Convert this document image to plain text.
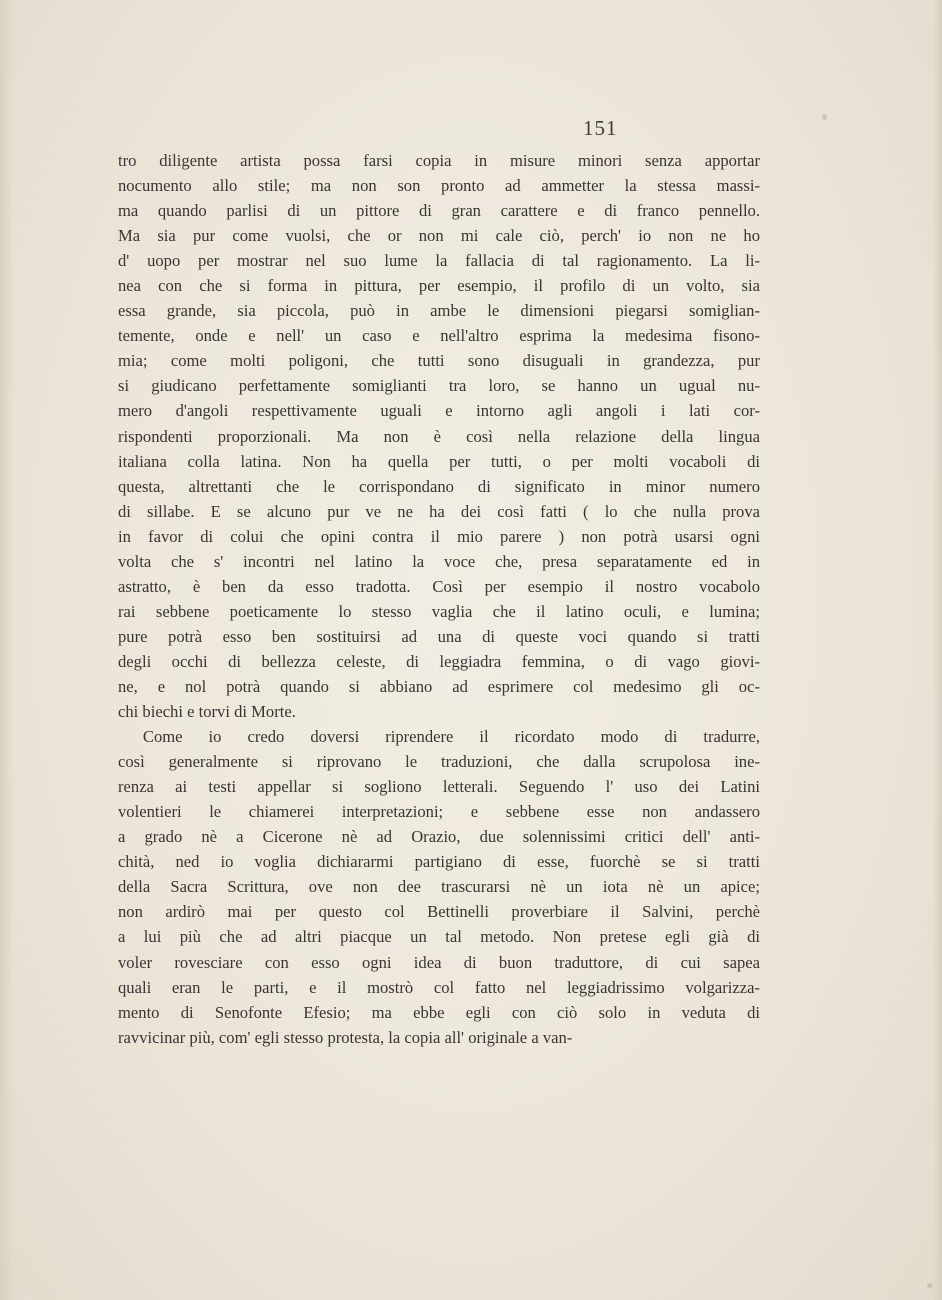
151
tro diligente artista possa farsi copia in misure minori senza apportar
nocumento allo stile; ma non son pronto ad ammetter la stessa massi-
ma quando parlisi di un pittore di gran carattere e di franco pennello.
Ma sia pur come vuolsi, che or non mi cale ciò, perch' io non ne ho
d' uopo per mostrar nel suo lume la fallacia di tal ragionamento. La li-
nea con che si forma in pittura, per esempio, il profilo di un volto, sia
essa grande, sia piccola, può in ambe le dimensioni piegarsi somiglian-
temente, onde e nell' un caso e nell'altro esprima la medesima fisono-
mia; come molti poligoni, che tutti sono disuguali in grandezza, pur
si giudicano perfettamente somiglianti tra loro, se hanno un ugual nu-
mero d'angoli respettivamente uguali e intorno agli angoli i lati cor-
rispondenti proporzionali. Ma non è così nella relazione della lingua
italiana colla latina. Non ha quella per tutti, o per molti vocaboli di
questa, altrettanti che le corrispondano di significato in minor numero
di sillabe. E se alcuno pur ve ne ha dei così fatti ( lo che nulla prova
in favor di colui che opini contra il mio parere ) non potrà usarsi ogni
volta che s' incontri nel latino la voce che, presa separatamente ed in
astratto, è ben da esso tradotta. Così per esempio il nostro vocabolo
rai sebbene poeticamente lo stesso vaglia che il latino oculi, e lumina;
pure potrà esso ben sostituirsi ad una di queste voci quando si tratti
degli occhi di bellezza celeste, di leggiadra femmina, o di vago giovi-
ne, e nol potrà quando si abbiano ad esprimere col medesimo gli oc-
chi biechi e torvi di Morte.
Come io credo doversi riprendere il ricordato modo di tradurre,
così generalmente si riprovano le traduzioni, che dalla scrupolosa ine-
renza ai testi appellar si sogliono letterali. Seguendo l' uso dei Latini
volentieri le chiamerei interpretazioni; e sebbene esse non andassero
a grado nè a Cicerone nè ad Orazio, due solennissimi critici dell' anti-
chità, ned io voglia dichiararmi partigiano di esse, fuorchè se si tratti
della Sacra Scrittura, ove non dee trascurarsi nè un iota nè un apice;
non ardirò mai per questo col Bettinelli proverbiare il Salvini, perchè
a lui più che ad altri piacque un tal metodo. Non pretese egli già di
voler rovesciare con esso ogni idea di buon traduttore, di cui sapea
quali eran le parti, e il mostrò col fatto nel leggiadrissimo volgarizza-
mento di Senofonte Efesio; ma ebbe egli con ciò solo in veduta di
ravvicinar più, com' egli stesso protesta, la copia all' originale a van-
